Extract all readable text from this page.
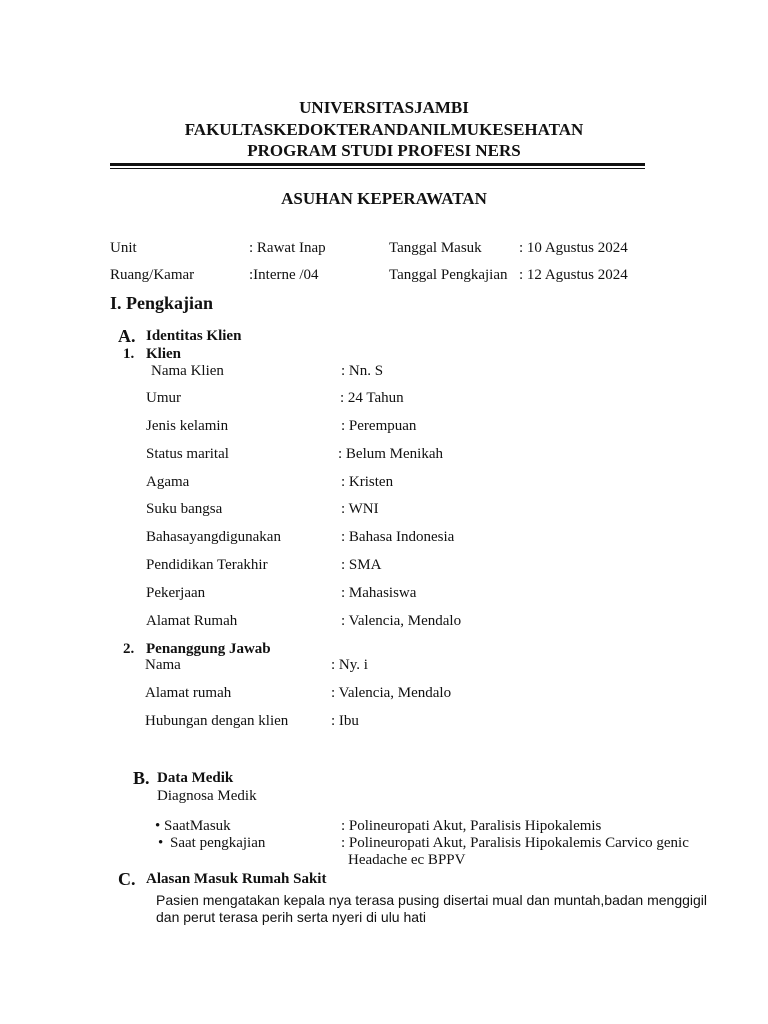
UNIVERSITASJAMBI
FAKULTASKEDOKTERANDANILMUKESEHATAN
PROGRAM STUDI PROFESI NERS
ASUHAN KEPERAWATAN
Unit	: Rawat Inap	Tanggal Masuk : 10 Agustus 2024
Ruang/Kamar	:Interne /04	Tanggal Pengkajian : 12 Agustus 2024
I. Pengkajian
A. Identitas Klien
1. Klien
Nama Klien	: Nn. S
Umur	: 24 Tahun
Jenis kelamin	: Perempuan
Status marital	: Belum Menikah
Agama	: Kristen
Suku bangsa	: WNI
Bahasayangdigunakan	: Bahasa Indonesia
Pendidikan Terakhir	: SMA
Pekerjaan	: Mahasiswa
Alamat Rumah	: Valencia, Mendalo
2. Penanggung Jawab
Nama	: Ny. i
Alamat rumah	: Valencia, Mendalo
Hubungan dengan klien	: Ibu
B. Data Medik
Diagnosa Medik
• SaatMasuk	: Polineuropati Akut, Paralisis Hipokalemis
• Saat pengkajian	: Polineuropati Akut, Paralisis Hipokalemis Carvico genic
Headache ec BPPV
C. Alasan Masuk Rumah Sakit
Pasien mengatakan kepala nya terasa pusing disertai mual dan muntah,badan menggigil
dan perut terasa perih serta nyeri di ulu hati
